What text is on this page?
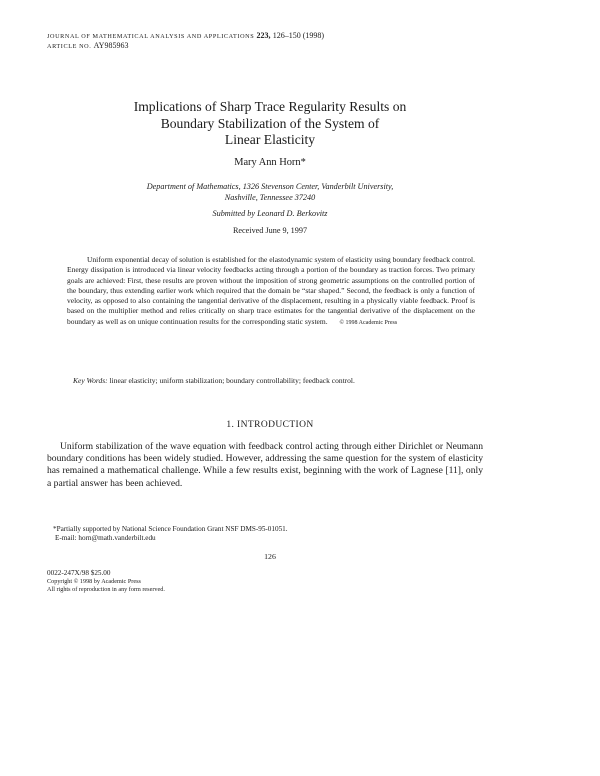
JOURNAL OF MATHEMATICAL ANALYSIS AND APPLICATIONS 223, 126–150 (1998)
ARTICLE NO. AY985963
Implications of Sharp Trace Regularity Results on
Boundary Stabilization of the System of
Linear Elasticity
Mary Ann Horn*
Department of Mathematics, 1326 Stevenson Center, Vanderbilt University,
Nashville, Tennessee 37240
Submitted by Leonard D. Berkovitz
Received June 9, 1997
Uniform exponential decay of solution is established for the elastodynamic system of elasticity using boundary feedback control. Energy dissipation is introduced via linear velocity feedbacks acting through a portion of the boundary as traction forces. Two primary goals are achieved: First, these results are proven without the imposition of strong geometric assumptions on the controlled portion of the boundary, thus extending earlier work which required that the domain be “star shaped.” Second, the feedback is only a function of velocity, as opposed to also containing the tangential derivative of the displacement, resulting in a physically viable feedback. Proof is based on the multiplier method and relies critically on sharp trace estimates for the tangential derivative of the displacement on the boundary as well as on unique continuation results for the corresponding static system. © 1998 Academic Press
Key Words: linear elasticity; uniform stabilization; boundary controllability; feedback control.
1. INTRODUCTION
Uniform stabilization of the wave equation with feedback control acting through either Dirichlet or Neumann boundary conditions has been widely studied. However, addressing the same question for the system of elasticity has remained a mathematical challenge. While a few results exist, beginning with the work of Lagnese [11], only a partial answer has been achieved.
*Partially supported by National Science Foundation Grant NSF DMS-95-01051.
E-mail: horn@math.vanderbilt.edu
126
0022-247X/98 $25.00
Copyright © 1998 by Academic Press
All rights of reproduction in any form reserved.
